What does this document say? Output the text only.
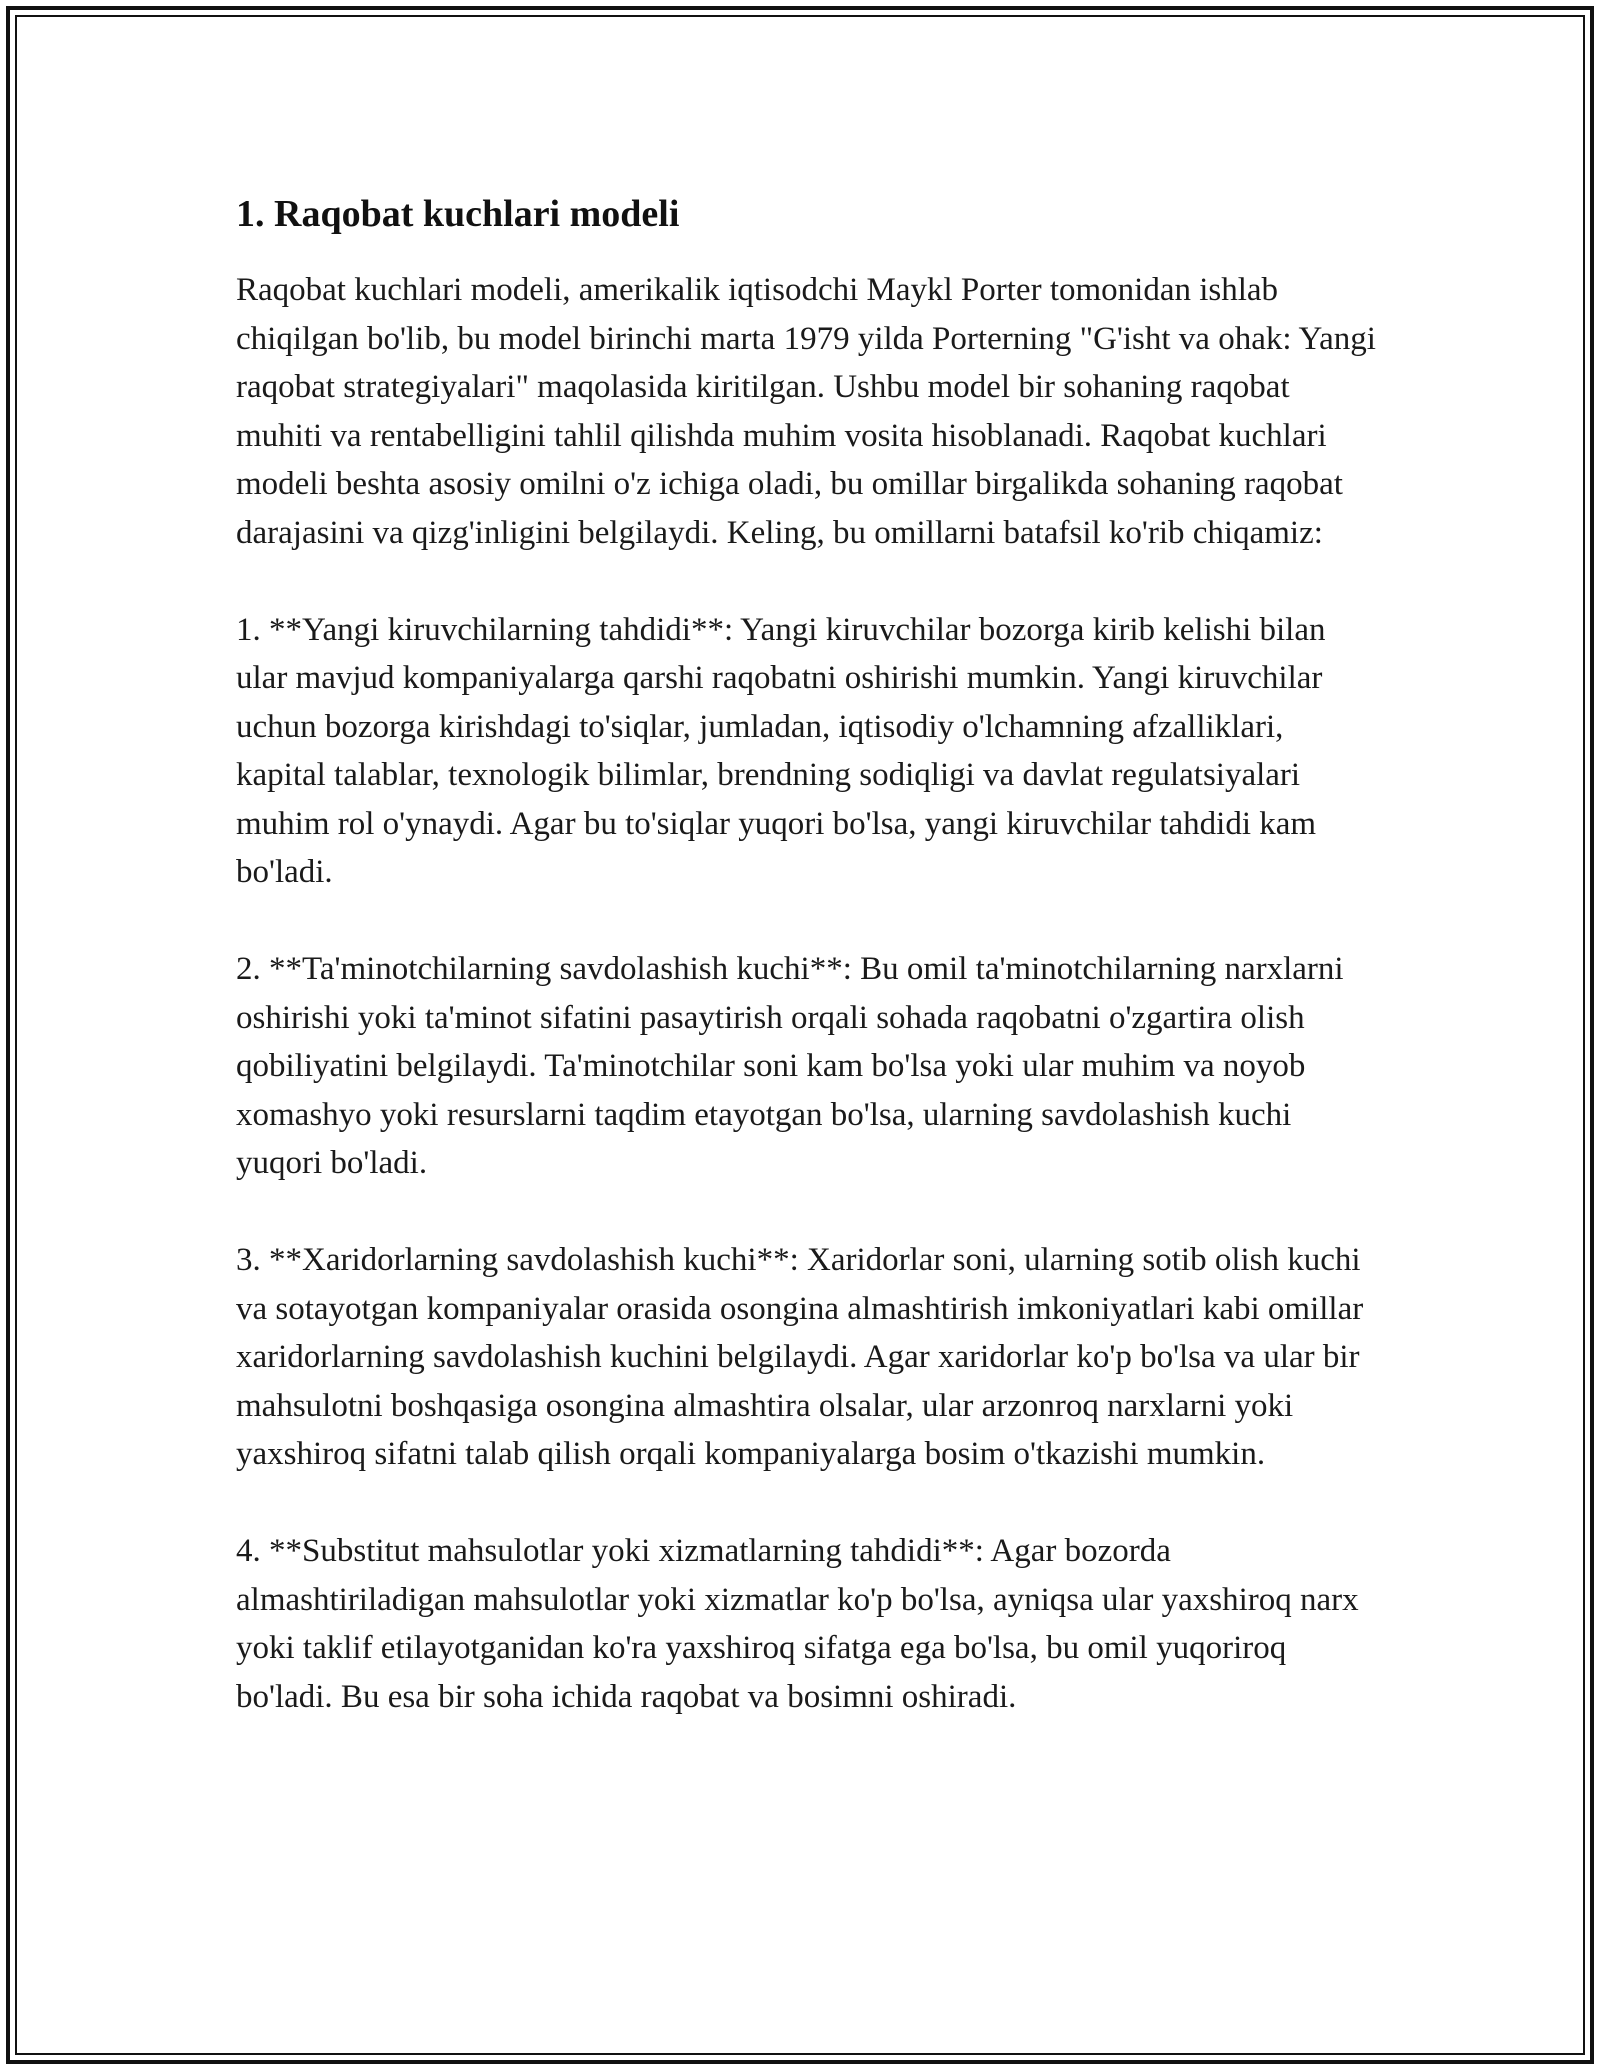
1. Raqobat kuchlari modeli

Raqobat kuchlari modeli, amerikalik iqtisodchi Maykl Porter tomonidan ishlab chiqilgan bo'lib, bu model birinchi marta 1979 yilda Porterning "G'isht va ohak: Yangi raqobat strategiyalari" maqolasida kiritilgan. Ushbu model bir sohaning raqobat muhiti va rentabelligini tahlil qilishda muhim vosita hisoblanadi. Raqobat kuchlari modeli beshta asosiy omilni o'z ichiga oladi, bu omillar birgalikda sohaning raqobat darajasini va qizg'inligini belgilaydi. Keling, bu omillarni batafsil ko'rib chiqamiz:

1. **Yangi kiruvchilarning tahdidi**: Yangi kiruvchilar bozorga kirib kelishi bilan ular mavjud kompaniyalarga qarshi raqobatni oshirishi mumkin. Yangi kiruvchilar uchun bozorga kirishdagi to'siqlar, jumladan, iqtisodiy o'lchamning afzalliklari, kapital talablar, texnologik bilimlar, brendning sodiqligi va davlat regulatsiyalari muhim rol o'ynaydi. Agar bu to'siqlar yuqori bo'lsa, yangi kiruvchilar tahdidi kam bo'ladi.

2. **Ta'minotchilarning savdolashish kuchi**: Bu omil ta'minotchilarning narxlarni oshirishi yoki ta'minot sifatini pasaytirish orqali sohada raqobatni o'zgartira olish qobiliyatini belgilaydi. Ta'minotchilar soni kam bo'lsa yoki ular muhim va noyob xomashyo yoki resurslarni taqdim etayotgan bo'lsa, ularning savdolashish kuchi yuqori bo'ladi.

3. **Xaridorlarning savdolashish kuchi**: Xaridorlar soni, ularning sotib olish kuchi va sotayotgan kompaniyalar orasida osongina almashtirish imkoniyatlari kabi omillar xaridorlarning savdolashish kuchini belgilaydi. Agar xaridorlar ko'p bo'lsa va ular bir mahsulotni boshqasiga osongina almashtira olsalar, ular arzonroq narxlarni yoki yaxshiroq sifatni talab qilish orqali kompaniyalarga bosim o'tkazishi mumkin.

4. **Substitut mahsulotlar yoki xizmatlarning tahdidi**: Agar bozorda almashtiriladigan mahsulotlar yoki xizmatlar ko'p bo'lsa, ayniqsa ular yaxshiroq narx yoki taklif etilayotganidan ko'ra yaxshiroq sifatga ega bo'lsa, bu omil yuqoriroq bo'ladi. Bu esa bir soha ichida raqobat va bosimni oshiradi.
